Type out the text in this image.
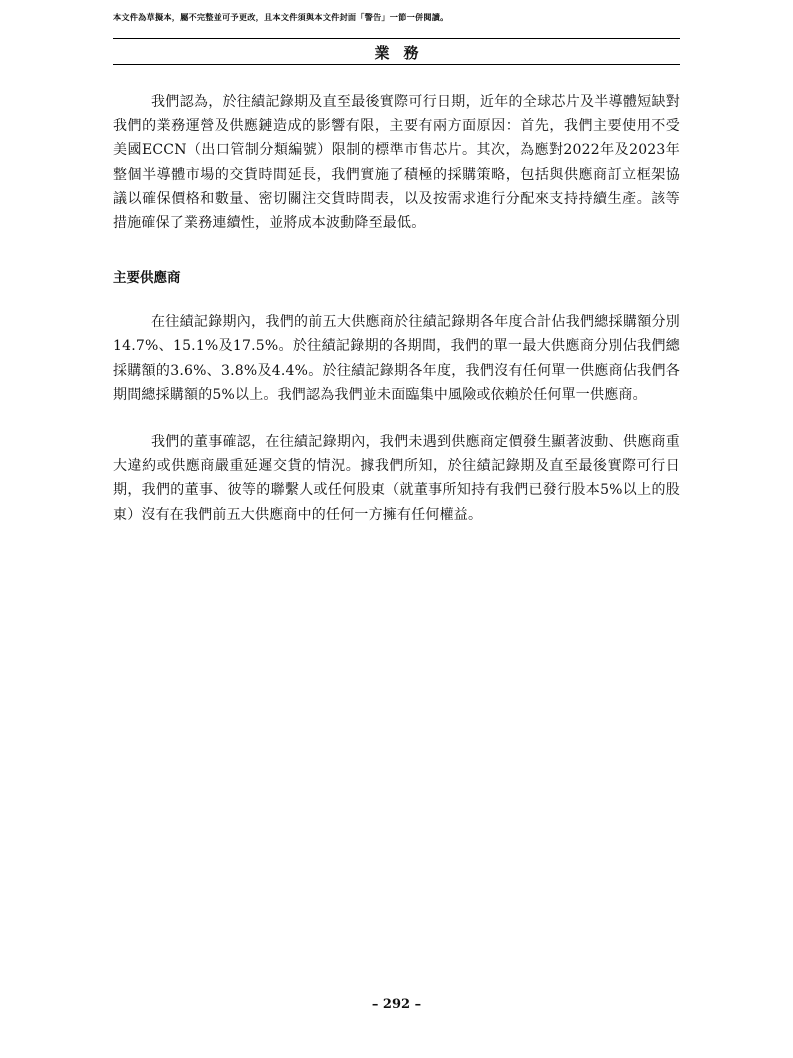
本文件為草擬本，屬不完整並可予更改，且本文件須與本文件封面「警告」一節一併閱讀。
業務

我們認為，於往績記錄期及直至最後實際可行日期，近年的全球芯片及半導體短缺對我們的業務運營及供應鏈造成的影響有限，主要有兩方面原因：首先，我們主要使用不受美國ECCN（出口管制分類編號）限制的標準市售芯片。其次，為應對2022年及2023年整個半導體市場的交貨時間延長，我們實施了積極的採購策略，包括與供應商訂立框架協議以確保價格和數量、密切關注交貨時間表，以及按需求進行分配來支持持續生產。該等措施確保了業務連續性，並將成本波動降至最低。

主要供應商

在往績記錄期內，我們的前五大供應商於往績記錄期各年度合計佔我們總採購額分別14.7%、15.1%及17.5%。於往績記錄期的各期間，我們的單一最大供應商分別佔我們總採購額的3.6%、3.8%及4.4%。於往績記錄期各年度，我們沒有任何單一供應商佔我們各期間總採購額的5%以上。我們認為我們並未面臨集中風險或依賴於任何單一供應商。

我們的董事確認，在往績記錄期內，我們未遇到供應商定價發生顯著波動、供應商重大違約或供應商嚴重延遲交貨的情況。據我們所知，於往績記錄期及直至最後實際可行日期，我們的董事、彼等的聯繫人或任何股東（就董事所知持有我們已發行股本5%以上的股東）沒有在我們前五大供應商中的任何一方擁有任何權益。

– 292 –
